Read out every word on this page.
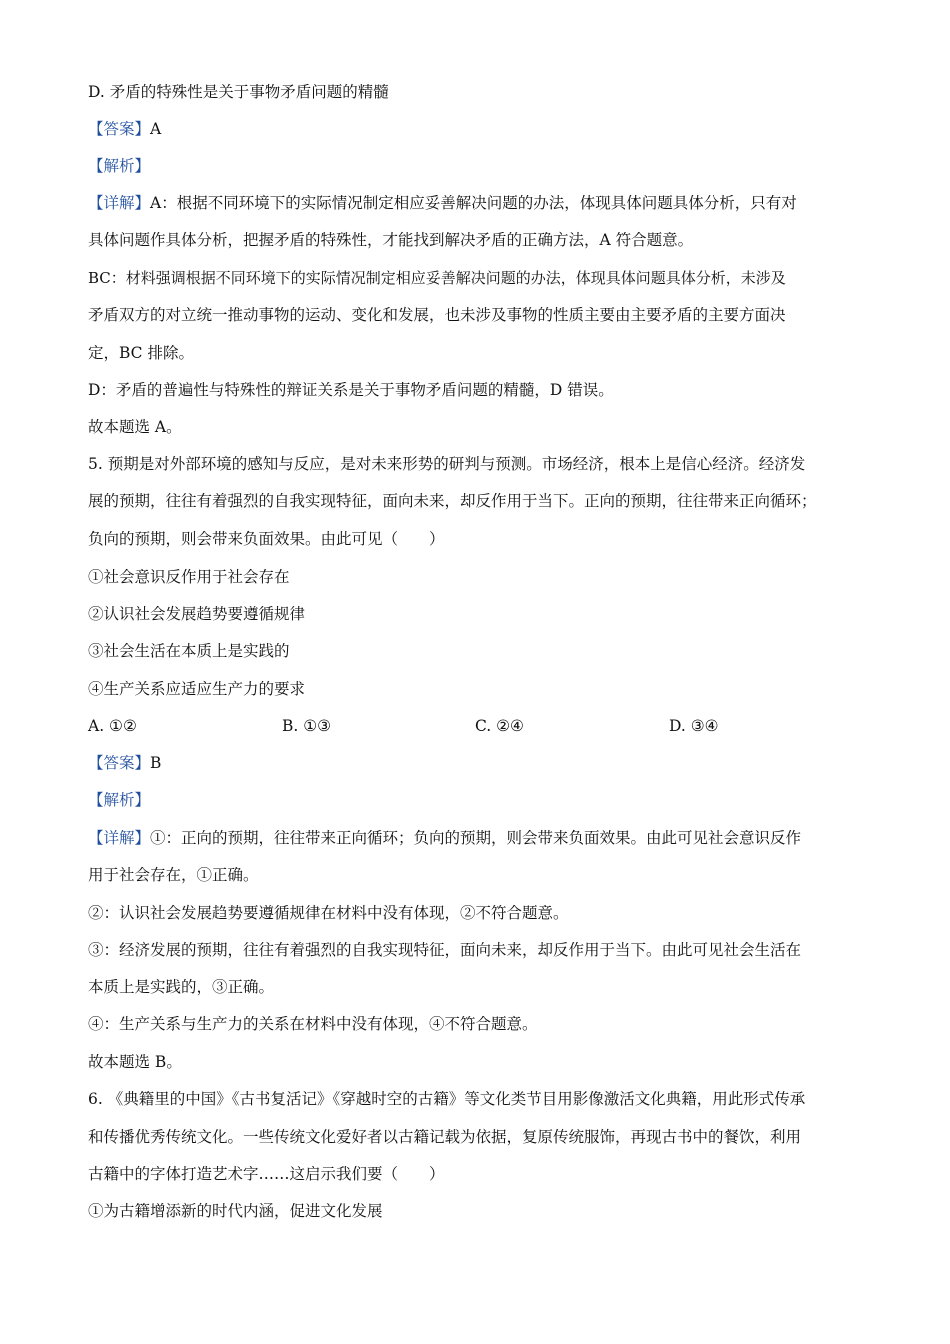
D. 矛盾的特殊性是关于事物矛盾问题的精髓
【答案】A
【解析】
【详解】A：根据不同环境下的实际情况制定相应妥善解决问题的办法，体现具体问题具体分析，只有对
具体问题作具体分析，把握矛盾的特殊性，才能找到解决矛盾的正确方法，A 符合题意。
BC：材料强调根据不同环境下的实际情况制定相应妥善解决问题的办法，体现具体问题具体分析，未涉及
矛盾双方的对立统一推动事物的运动、变化和发展，也未涉及事物的性质主要由主要矛盾的主要方面决
定，BC 排除。
D：矛盾的普遍性与特殊性的辩证关系是关于事物矛盾问题的精髓，D 错误。
故本题选 A。
5. 预期是对外部环境的感知与反应，是对未来形势的研判与预测。市场经济，根本上是信心经济。经济发
展的预期，往往有着强烈的自我实现特征，面向未来，却反作用于当下。正向的预期，往往带来正向循环；
负向的预期，则会带来负面效果。由此可见（　　）
①社会意识反作用于社会存在
②认识社会发展趋势要遵循规律
③社会生活在本质上是实践的
④生产关系应适应生产力的要求
A. ①②	B. ①③	C. ②④	D. ③④
【答案】B
【解析】
【详解】①：正向的预期，往往带来正向循环；负向的预期，则会带来负面效果。由此可见社会意识反作
用于社会存在，①正确。
②：认识社会发展趋势要遵循规律在材料中没有体现，②不符合题意。
③：经济发展的预期，往往有着强烈的自我实现特征，面向未来，却反作用于当下。由此可见社会生活在
本质上是实践的，③正确。
④：生产关系与生产力的关系在材料中没有体现，④不符合题意。
故本题选 B。
6. 《典籍里的中国》《古书复活记》《穿越时空的古籍》等文化类节目用影像激活文化典籍，用此形式传承
和传播优秀传统文化。一些传统文化爱好者以古籍记载为依据，复原传统服饰，再现古书中的餐饮，利用
古籍中的字体打造艺术字……这启示我们要（　　）
①为古籍增添新的时代内涵，促进文化发展
